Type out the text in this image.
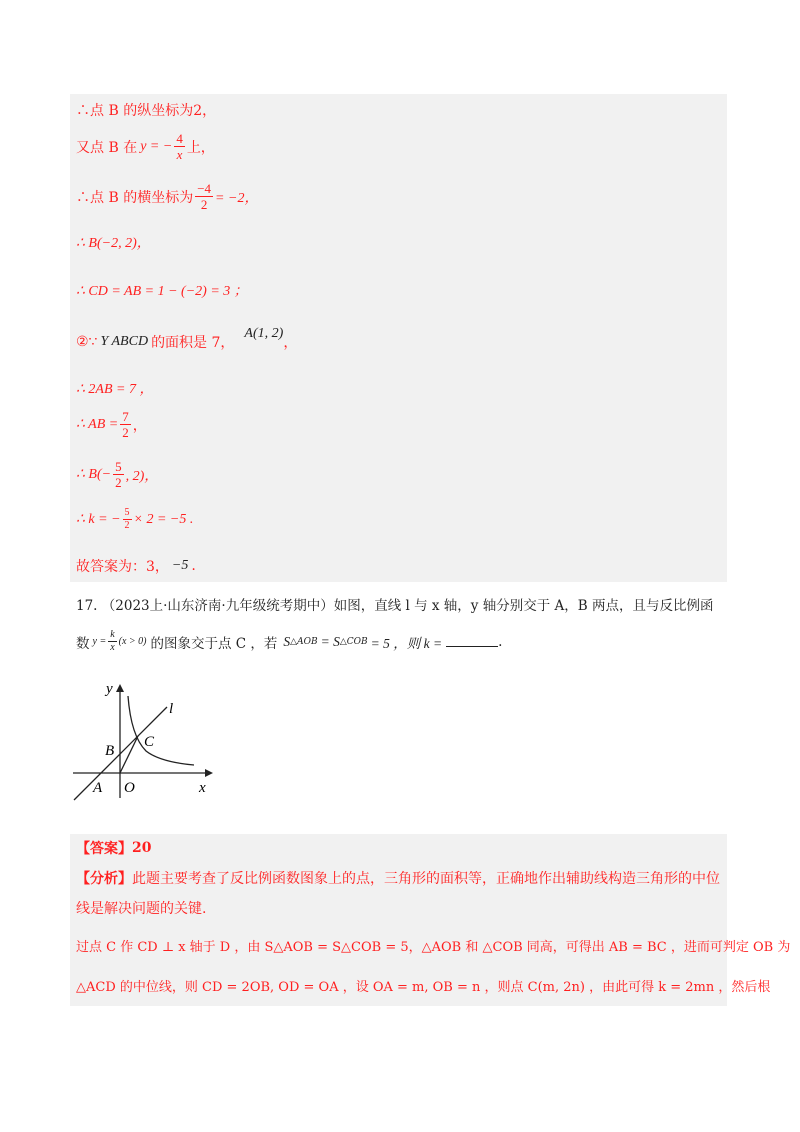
∴点 B 的纵坐标为2，
又点 B 在 y = − $\frac{4}{x}$ 上，
∴点 B 的横坐标为 $\frac{-4}{2} = -2$，
∴ B(−2, 2)，
∴ CD = AB = 1 − (−2) = 3 ；
②∵ Y ABCD 的面积是 7，
A(1, 2)
，
∴ 2AB = 7 ，
∴ AB = $\frac{7}{2}$ ，
∴ $B(- \frac{5}{2}$ , 2)，
∴ k = − $\frac{5}{2} \times 2 = -5$ .
故答案为：3， −5 .
17. （2023上·山东济南·九年级统考期中）如图，直线 l 与 x 轴，y 轴分别交于 A，B 两点，且与反比例函
数 $y = \frac{k}{x} (x > 0)$ 的图象交于点 C ，若 S △AOB = S △COB = 5 ，则 k =	.
y
l
B
C
A O	x
【答案】 20
【分析】 此题主要考查了反比例函数图象上的点，三角形的面积等，正确地作出辅助线构造三角形的中位
线是解决问题的关键.
过点 C 作 CD ⊥ x 轴于 D ，由 S△AOB = S△COB = 5，△AOB 和 △COB 同高，可得出 AB = BC ，进而可判定 OB 为
△ACD 的中位线，则 CD = 2OB, OD = OA ，设 OA = m, OB = n ，则点 C(m, 2n) ，由此可得 k = 2mn ，然后根
